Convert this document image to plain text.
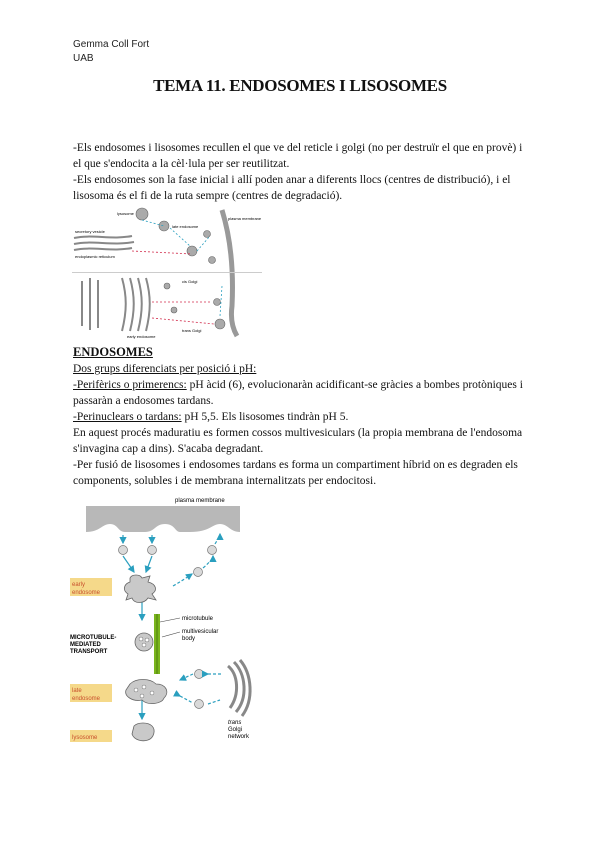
Gemma Coll Fort
UAB
TEMA 11. ENDOSOMES I LISOSOMES

-Els endosomes i lisosomes recullen el que ve del reticle i golgi (no per destruïr el que en provè) i el que s'endocita a la cèl·lula per ser reutilitzat.

-Els endosomes son la fase inicial i allí poden anar a diferents llocs (centres de distribució), i el lisosoma és el fi de la ruta sempre (centres de degradació).

lysosome
secretory vesicle
endoplasmic reticulum
late endosome
plasma membrane
cis Golgi
trans Golgi
early endosome
ENDOSOMES

Dos grups diferenciats per posició i pH:

-Perifèrics o primerencs: pH àcid (6), evolucionaràn acidificant-se gràcies a bombes protòniques i passaràn a endosomes tardans.

-Perinuclears o tardans: pH 5,5. Els lisosomes tindràn pH 5.

En aquest procés maduratiu es formen cossos multivesiculars (la propia membrana de l'endosoma s'invagina cap a dins). S'acaba degradant.

-Per fusió de lisosomes i endosomes tardans es forma un compartiment híbrid on es degraden els components, solubles i de membrana internalitzats per endocitosi.

plasma membrane
early
endosome
microtubule
multivesicular
body
MICROTUBULE-
MEDIATED
TRANSPORT
late
endosome
trans
Golgi
network
lysosome
